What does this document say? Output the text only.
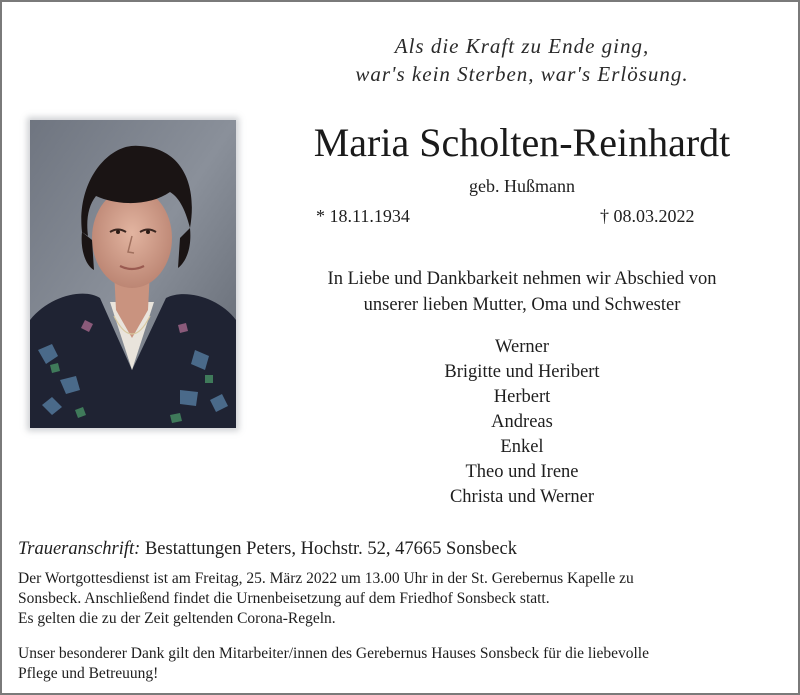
Als die Kraft zu Ende ging,
war's kein Sterben, war's Erlösung.
Maria Scholten-Reinhardt
geb. Hußmann
* 18.11.1934	† 08.03.2022
In Liebe und Dankbarkeit nehmen wir Abschied von
unserer lieben Mutter, Oma und Schwester
Werner
Brigitte und Heribert
Herbert
Andreas
Enkel
Theo und Irene
Christa und Werner
Traueranschrift: Bestattungen Peters, Hochstr. 52, 47665 Sonsbeck
Der Wortgottesdienst ist am Freitag, 25. März 2022 um 13.00 Uhr in der St. Gerebernus Kapelle zu
Sonsbeck. Anschließend findet die Urnenbeisetzung auf dem Friedhof Sonsbeck statt.
Es gelten die zu der Zeit geltenden Corona-Regeln.
Unser besonderer Dank gilt den Mitarbeiter/innen des Gerebernus Hauses Sonsbeck für die liebevolle
Pflege und Betreuung!
